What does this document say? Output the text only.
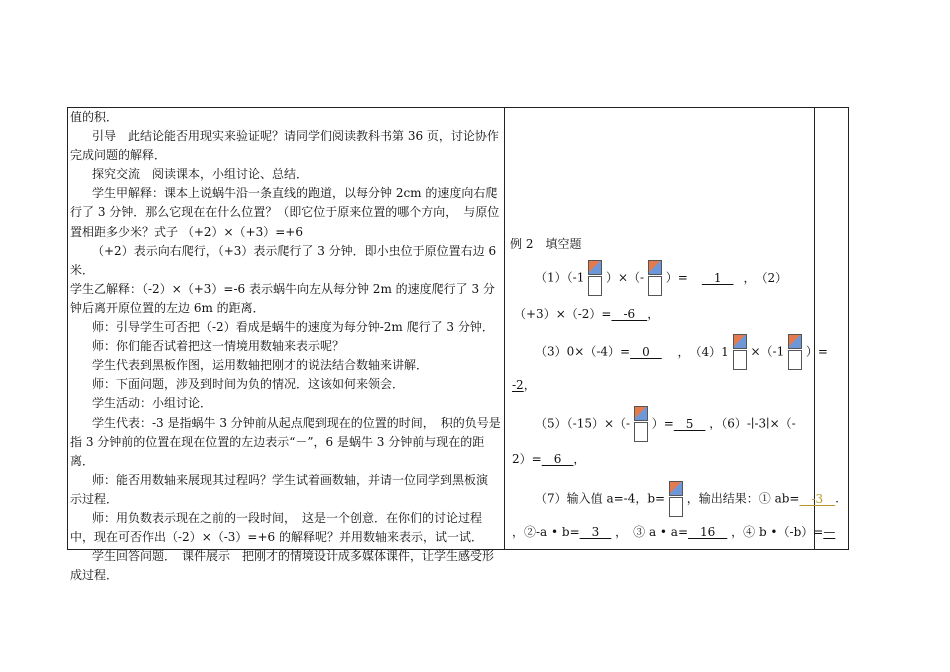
值的积．

引导　此结论能否用现实来验证呢？请同学们阅读教科书第 36 页，讨论协作

完成问题的解释．

探究交流　阅读课本，小组讨论、总结．

学生甲解释：课本上说蜗牛沿一条直线的跑道，以每分钟 2cm 的速度向右爬

行了 3 分钟．那么它现在在什么位置？（即它位于原来位置的哪个方向，　与原位

置相距多少米？式子 （+2）×（+3）=+6

（+2）表示向右爬行，（+3）表示爬行了 3 分钟．即小虫位于原位置右边 6

米．

学生乙解释：（-2）×（+3）=-6 表示蜗牛向左从每分钟 2m 的速度爬行了 3 分

钟后离开原位置的左边 6m 的距离．

师：引导学生可否把（-2）看成是蜗牛的速度为每分钟-2m 爬行了 3 分钟．

师：你们能否试着把这一情境用数轴来表示呢？

学生代表到黑板作图，运用数轴把刚才的说法结合数轴来讲解．

师：下面问题，涉及到时间为负的情况．这该如何来领会．

学生活动：小组讨论．

学生代表：-3 是指蜗牛 3 分钟前从起点爬到现在的位置的时间，　积的负号是

指 3 分钟前的位置在现在位置的左边表示“－”，6 是蜗牛 3 分钟前与现在的距

离．

师：能否用数轴来展现其过程吗？学生试着画数轴，并请一位同学到黑板演

示过程．

师：用负数表示现在之前的一段时间，　这是一个创意．在你们的讨论过程

中，现在可否作出（-2）×（-3）=+6 的解释呢？并用数轴来表示，试一试．

学生回答问题．　课件展示　把刚才的情境设计成多媒体课件，让学生感受形

成过程．

例 2　填空题
（1）（-1 ）×（- ）= 　1　 ，　（2）
（+3）×（-2）=　-6　，
（3）0×（-4）=　0　 ，　（4）1 ×（-1 ）=
-2，
（5）（-15）×（- ）=　5　 ，（6）-∣-3∣×（-
2）=　6　，
（7）输入值 a=-4，b= ，输出结果：① ab=　-3　.
，②-a • b=　3　 ，　③ a • a=　16　 ，④ b •（-b）=—
